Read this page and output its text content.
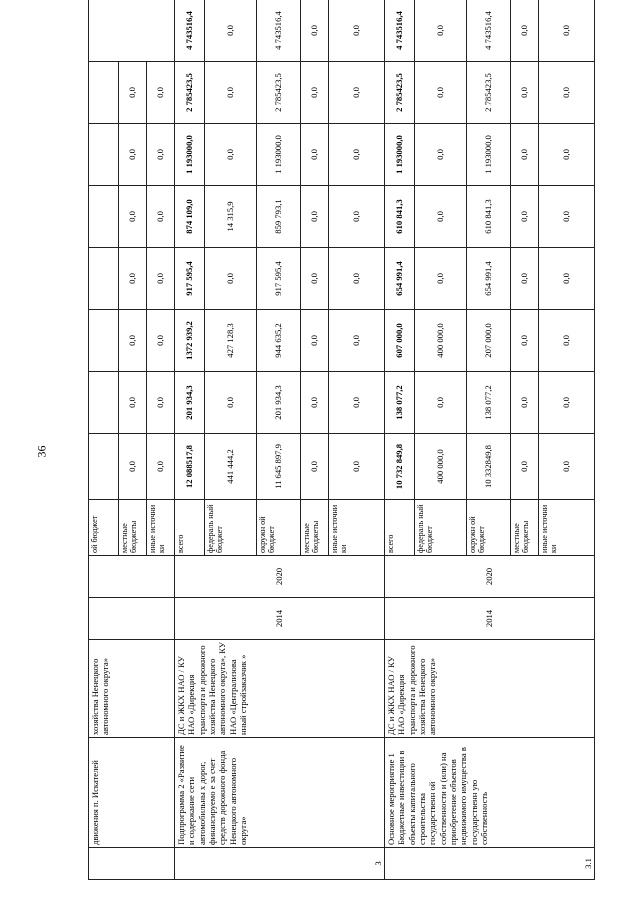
36
	движения п. Искателей	хозяйства Ненецкого автономного округа»			ой бюджет									
					местные бюджеты	0,0	0,0	0,0	0,0	0,0	0,0	0,0		
					иные источни ки	0,0	0,0	0,0	0,0	0,0	0,0	0,0		
3	Подпрограмма 2 «Развитие и содержание сети автомобильны х дорог, финансируемо е за счет средств дорожного фонда Ненецкого автономного округа»	ДС и ЖКХ НАО / КУ НАО «Дирекция транспорта и дорожного хозяйства Ненецкого автономного округа», КУ НАО «Централизова нный стройзаказчик »	2014	2020	всего	12 088517,8	201 934,3	1372 939,2	917 595,4	874 109,0	1 193000,0	2 785423,5	4 743516,4	
					федераль ный бюджет	441 444,2	0,0	427 128,3	0,0	14 315,9	0,0	0,0	0,0	
					окружн ой бюджет	11 645 897,9	201 934,3	944 635,2	917 595,4	859 793,1	1 193000,0	2 785423,5	4 743516,4	
					местные бюджеты	0,0	0,0	0,0	0,0	0,0	0,0	0,0	0,0	
					иные источни ки	0,0	0,0	0,0	0,0	0,0	0,0	0,0	0,0	
3.1	Основное мероприятие 1 Бюджетные инвестиции в объекты капитального строительства государственн ой собственности и (или) на приобретение объектов недвижимого имущества в государственн ую собственность	ДС и ЖКХ НАО / КУ НАО «Дирекция транспорта и дорожного хозяйства Ненецкого автономного округа»	2014	2020	всего	10 732 849,8	138 077,2	607 000,0	654 991,4	610 841,3	1 193000,0	2 785423,5	4 743516,4	
					федераль ный бюджет	400 000,0	0,0	400 000,0	0,0	0,0	0,0	0,0	0,0	
					окружн ой бюджет	10 332849,8	138 077,2	207 000,0	654 991,4	610 841,3	1 193000,0	2 785423,5	4 743516,4	
					местные бюджеты	0,0	0,0	0,0	0,0	0,0	0,0	0,0	0,0	
					иные источни ки	0,0	0,0	0,0	0,0	0,0	0,0	0,0	0,0	
